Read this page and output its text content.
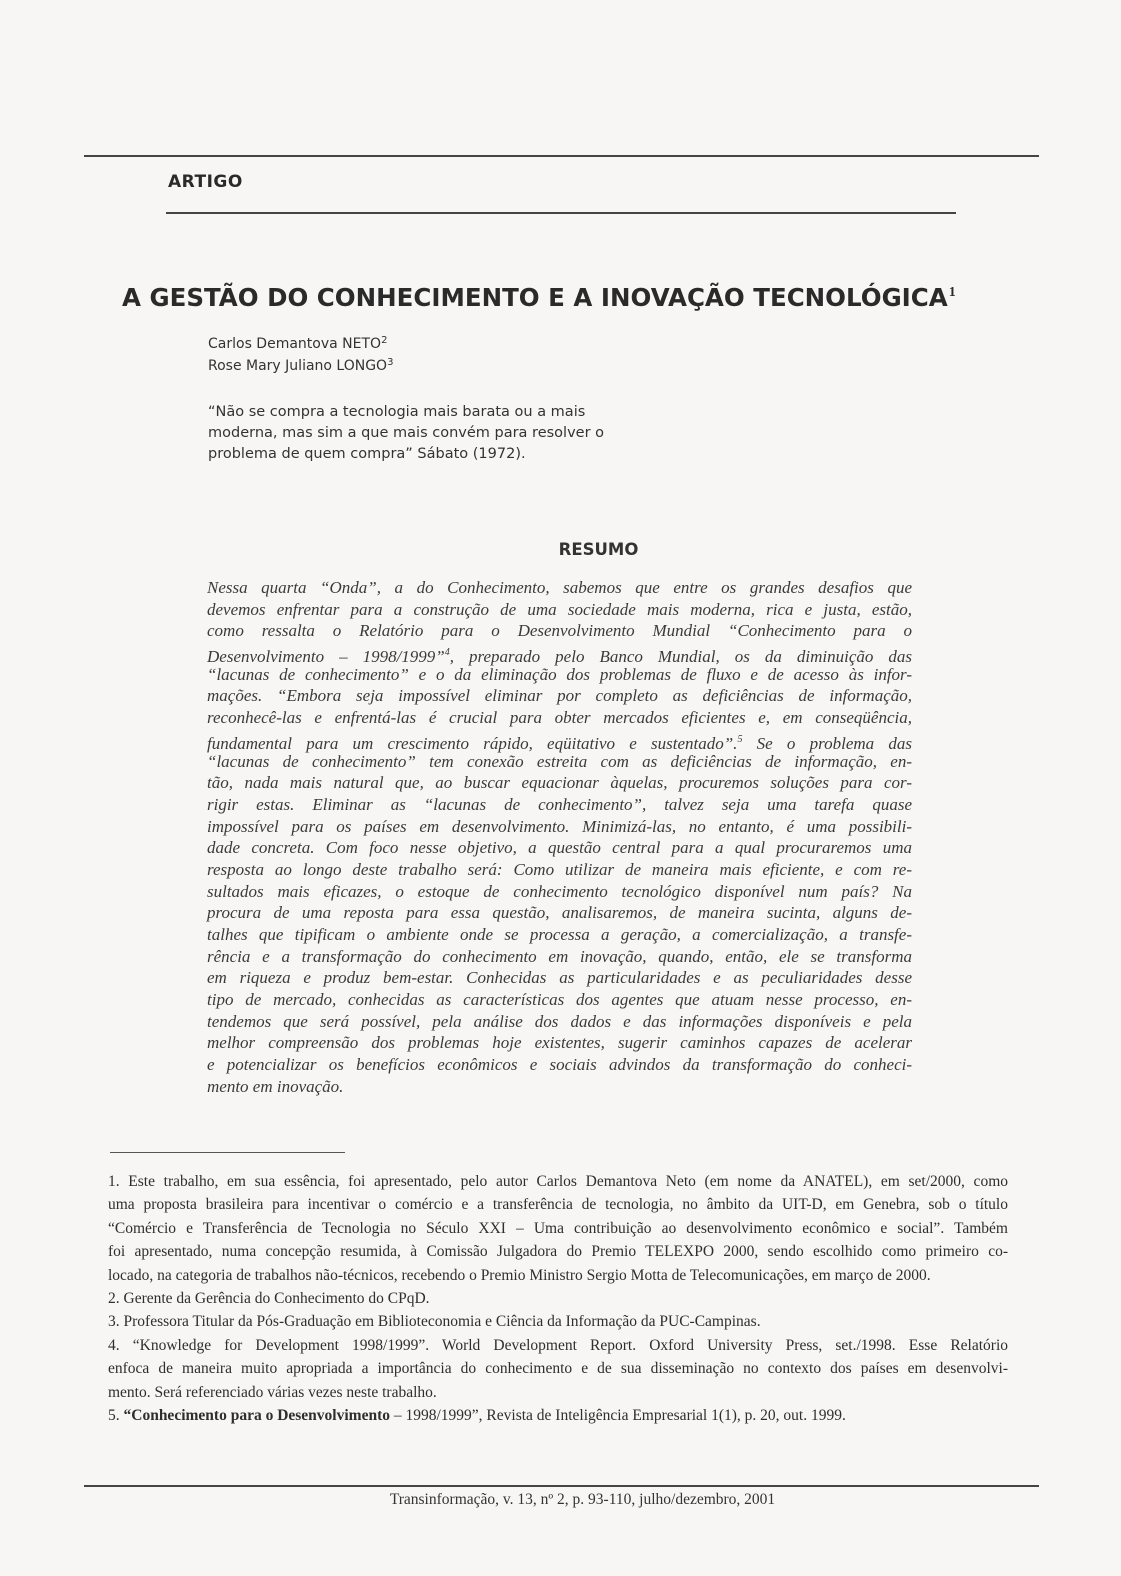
ARTIGO
A GESTÃO DO CONHECIMENTO E A INOVAÇÃO TECNOLÓGICA$^1$
Carlos Demantova NETO$^2$
Rose Mary Juliano LONGO$^3$
“Não se compra a tecnologia mais barata ou a mais moderna, mas sim a que mais convém para resolver o problema de quem compra” Sábato (1972).
RESUMO
Nessa quarta “Onda”, a do Conhecimento, sabemos que entre os grandes desafios que
devemos enfrentar para a construção de uma sociedade mais moderna, rica e justa, estão,
como ressalta o Relatório para o Desenvolvimento Mundial “Conhecimento para o
Desenvolvimento – 1998/1999”$^4$, preparado pelo Banco Mundial, os da diminuição das
“lacunas de conhecimento” e o da eliminação dos problemas de fluxo e de acesso às infor-
mações. “Embora seja impossível eliminar por completo as deficiências de informação,
reconhecê-las e enfrentá-las é crucial para obter mercados eficientes e, em conseqüência,
fundamental para um crescimento rápido, eqüitativo e sustentado”.$^5$ Se o problema das
“lacunas de conhecimento” tem conexão estreita com as deficiências de informação, en-
tão, nada mais natural que, ao buscar equacionar àquelas, procuremos soluções para cor-
rigir estas. Eliminar as “lacunas de conhecimento”, talvez seja uma tarefa quase
impossível para os países em desenvolvimento. Minimizá-las, no entanto, é uma possibili-
dade concreta. Com foco nesse objetivo, a questão central para a qual procuraremos uma
resposta ao longo deste trabalho será: Como utilizar de maneira mais eficiente, e com re-
sultados mais eficazes, o estoque de conhecimento tecnológico disponível num país? Na
procura de uma reposta para essa questão, analisaremos, de maneira sucinta, alguns de-
talhes que tipificam o ambiente onde se processa a geração, a comercialização, a transfe-
rência e a transformação do conhecimento em inovação, quando, então, ele se transforma
em riqueza e produz bem-estar. Conhecidas as particularidades e as peculiaridades desse
tipo de mercado, conhecidas as características dos agentes que atuam nesse processo, en-
tendemos que será possível, pela análise dos dados e das informações disponíveis e pela
melhor compreensão dos problemas hoje existentes, sugerir caminhos capazes de acelerar
e potencializar os benefícios econômicos e sociais advindos da transformação do conheci-
mento em inovação.
1. Este trabalho, em sua essência, foi apresentado, pelo autor Carlos Demantova Neto (em nome da ANATEL), em set/2000, como
uma proposta brasileira para incentivar o comércio e a transferência de tecnologia, no âmbito da UIT-D, em Genebra, sob o título
“Comércio e Transferência de Tecnologia no Século XXI – Uma contribuição ao desenvolvimento econômico e social”. Também
foi apresentado, numa concepção resumida, à Comissão Julgadora do Premio TELEXPO 2000, sendo escolhido como primeiro co-
locado, na categoria de trabalhos não-técnicos, recebendo o Premio Ministro Sergio Motta de Telecomunicações, em março de 2000.
2. Gerente da Gerência do Conhecimento do CPqD.
3. Professora Titular da Pós-Graduação em Biblioteconomia e Ciência da Informação da PUC-Campinas.
4. “Knowledge for Development 1998/1999”. World Development Report. Oxford University Press, set./1998. Esse Relatório
enfoca de maneira muito apropriada a importância do conhecimento e de sua disseminação no contexto dos países em desenvolvi-
mento. Será referenciado várias vezes neste trabalho.
5. “Conhecimento para o Desenvolvimento – 1998/1999”, Revista de Inteligência Empresarial 1(1), p. 20, out. 1999.
Transinformação, v. 13, nº 2, p. 93-110, julho/dezembro, 2001
